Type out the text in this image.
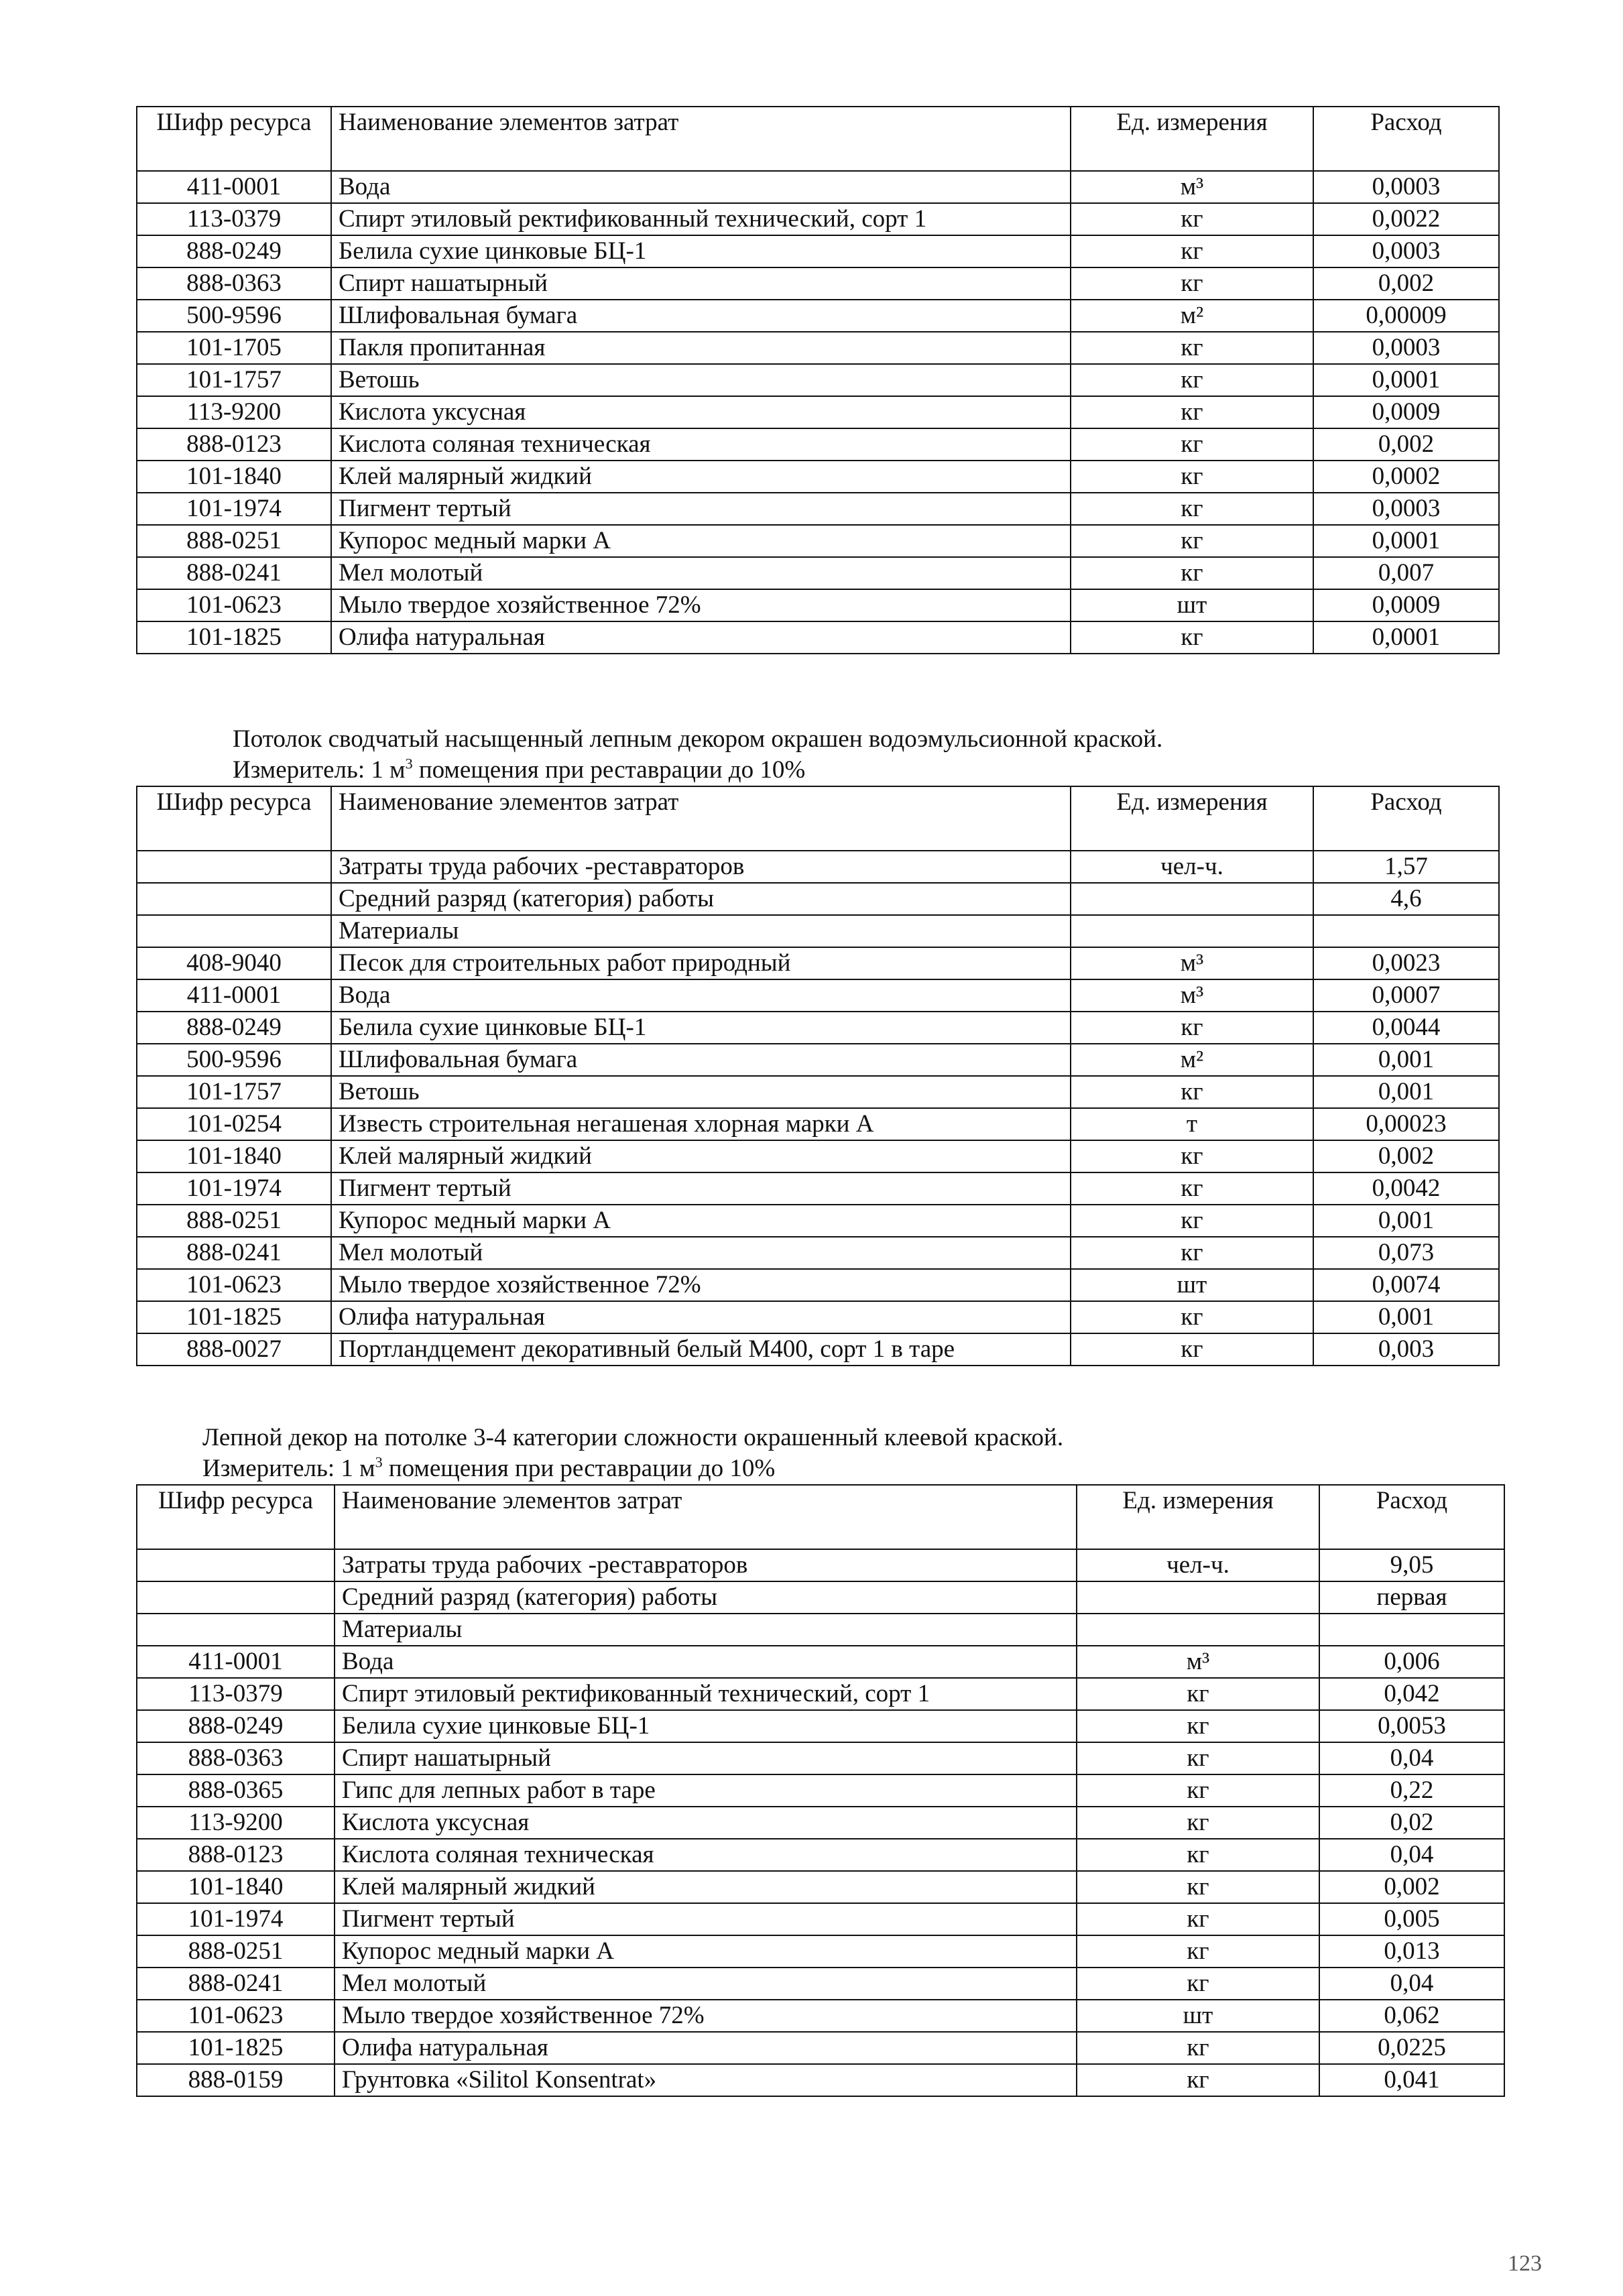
Шифр ресурса	Наименование элементов затрат	Ед. измерения	Расход
411-0001	Вода	м³	0,0003
113-0379	Спирт этиловый ректификованный технический, сорт 1	кг	0,0022
888-0249	Белила сухие цинковые БЦ-1	кг	0,0003
888-0363	Спирт нашатырный	кг	0,002
500-9596	Шлифовальная бумага	м²	0,00009
101-1705	Пакля пропитанная	кг	0,0003
101-1757	Ветошь	кг	0,0001
113-9200	Кислота уксусная	кг	0,0009
888-0123	Кислота соляная техническая	кг	0,002
101-1840	Клей малярный жидкий	кг	0,0002
101-1974	Пигмент тертый	кг	0,0003
888-0251	Купорос медный марки А	кг	0,0001
888-0241	Мел молотый	кг	0,007
101-0623	Мыло твердое хозяйственное 72%	шт	0,0009
101-1825	Олифа натуральная	кг	0,0001
Потолок сводчатый насыщенный лепным декором окрашен водоэмульсионной краской.
Измеритель: 1 $м^3$ помещения при реставрации до 10%
Шифр ресурса	Наименование элементов затрат	Ед. измерения	Расход
	Затраты труда рабочих -реставраторов	чел-ч.	1,57
	Средний разряд (категория) работы		4,6
	Материалы		
408-9040	Песок для строительных работ природный	м³	0,0023
411-0001	Вода	м³	0,0007
888-0249	Белила сухие цинковые БЦ-1	кг	0,0044
500-9596	Шлифовальная бумага	м²	0,001
101-1757	Ветошь	кг	0,001
101-0254	Известь строительная негашеная хлорная марки А	т	0,00023
101-1840	Клей малярный жидкий	кг	0,002
101-1974	Пигмент тертый	кг	0,0042
888-0251	Купорос медный марки А	кг	0,001
888-0241	Мел молотый	кг	0,073
101-0623	Мыло твердое хозяйственное 72%	шт	0,0074
101-1825	Олифа натуральная	кг	0,001
888-0027	Портландцемент декоративный белый М400, сорт 1 в таре	кг	0,003
Лепной декор на потолке 3-4 категории сложности окрашенный клеевой краской.
Измеритель: 1 $м^3$ помещения при реставрации до 10%
Шифр ресурса	Наименование элементов затрат	Ед. измерения	Расход
	Затраты труда рабочих -реставраторов	чел-ч.	9,05
	Средний разряд (категория) работы		первая
	Материалы		
411-0001	Вода	м³	0,006
113-0379	Спирт этиловый ректификованный технический, сорт 1	кг	0,042
888-0249	Белила сухие цинковые БЦ-1	кг	0,0053
888-0363	Спирт нашатырный	кг	0,04
888-0365	Гипс для лепных работ в таре	кг	0,22
113-9200	Кислота уксусная	кг	0,02
888-0123	Кислота соляная техническая	кг	0,04
101-1840	Клей малярный жидкий	кг	0,002
101-1974	Пигмент тертый	кг	0,005
888-0251	Купорос медный марки А	кг	0,013
888-0241	Мел молотый	кг	0,04
101-0623	Мыло твердое хозяйственное 72%	шт	0,062
101-1825	Олифа натуральная	кг	0,0225
888-0159	Грунтовка «Silitol Konsentrat»	кг	0,041
123
